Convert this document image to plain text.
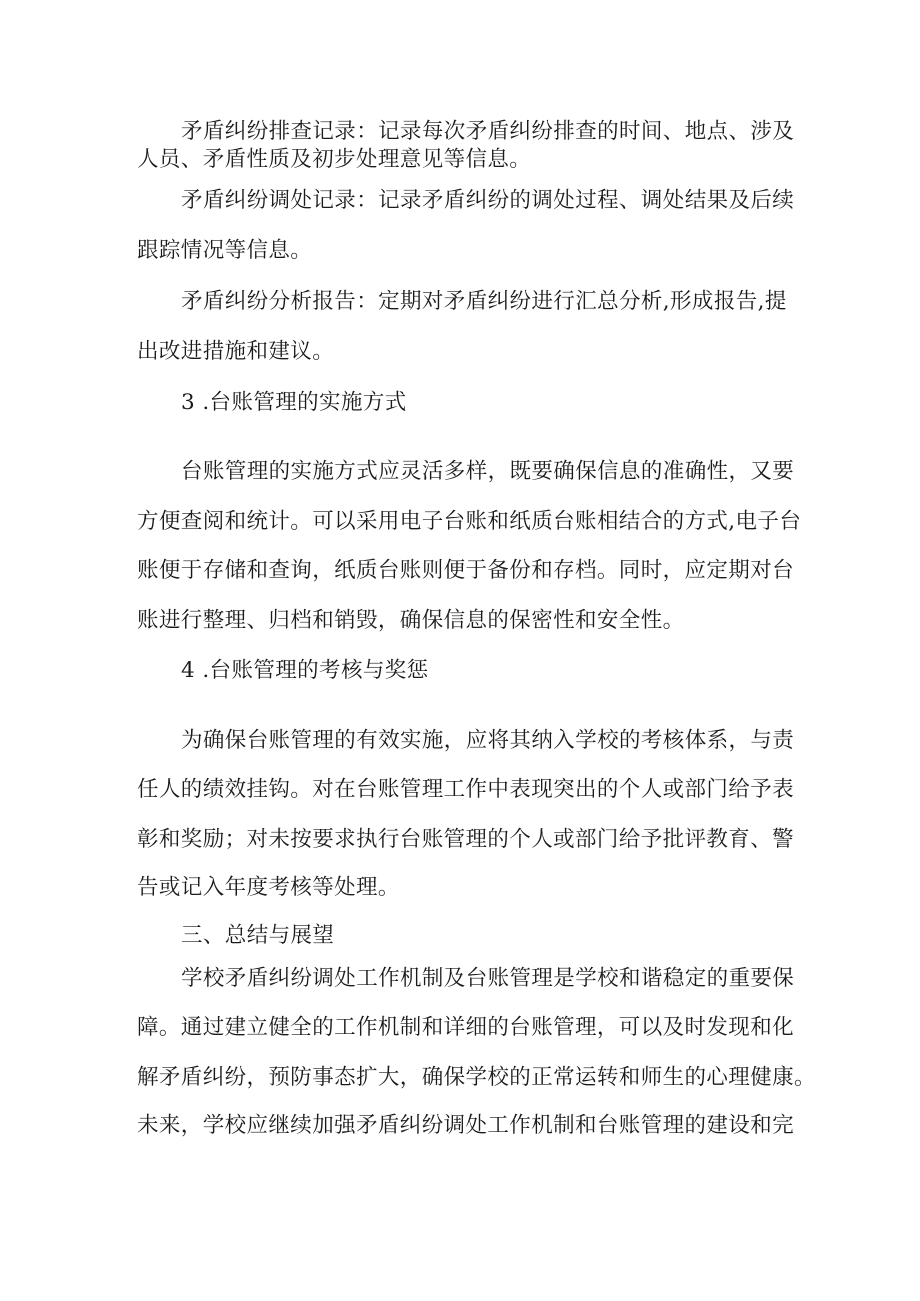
矛盾纠纷排查记录：记录每次矛盾纠纷排查的时间、地点、涉及
人员、矛盾性质及初步处理意见等信息。
矛盾纠纷调处记录：记录矛盾纠纷的调处过程、调处结果及后续
跟踪情况等信息。
矛盾纠纷分析报告：定期对矛盾纠纷进行汇总分析,形成报告,提
出改进措施和建议。
3 .台账管理的实施方式
台账管理的实施方式应灵活多样，既要确保信息的准确性，又要
方便查阅和统计。可以采用电子台账和纸质台账相结合的方式,电子台
账便于存储和查询，纸质台账则便于备份和存档。同时，应定期对台
账进行整理、归档和销毁，确保信息的保密性和安全性。
4 .台账管理的考核与奖惩
为确保台账管理的有效实施，应将其纳入学校的考核体系，与责
任人的绩效挂钩。对在台账管理工作中表现突出的个人或部门给予表
彰和奖励；对未按要求执行台账管理的个人或部门给予批评教育、警
告或记入年度考核等处理。
三、总结与展望
学校矛盾纠纷调处工作机制及台账管理是学校和谐稳定的重要保
障。通过建立健全的工作机制和详细的台账管理，可以及时发现和化
解矛盾纠纷，预防事态扩大，确保学校的正常运转和师生的心理健康。
未来，学校应继续加强矛盾纠纷调处工作机制和台账管理的建设和完
